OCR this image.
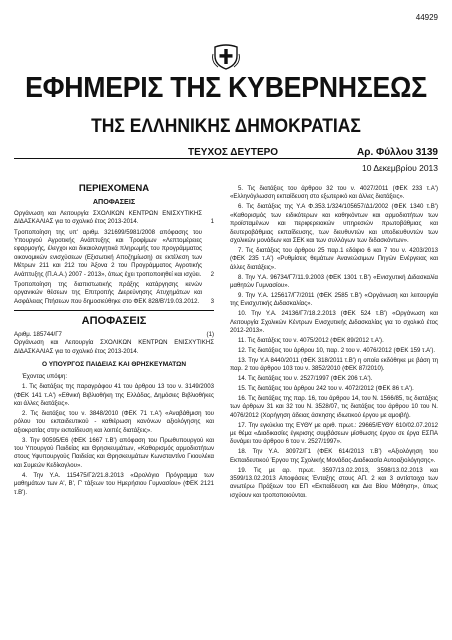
44929
ΕΦΗΜΕΡΙΣ ΤΗΣ ΚΥΒΕΡΝΗΣΕΩΣ
ΤΗΣ ΕΛΛΗΝΙΚΗΣ ΔΗΜΟΚΡΑΤΙΑΣ
ΤΕΥΧΟΣ ΔΕΥΤΕΡΟ	Αρ. Φύλλου 3139
10 Δεκεμβρίου 2013
ΠΕΡΙΕΧΟΜΕΝΑ
ΑΠΟΦΑΣΕΙΣ
Οργάνωση και Λειτουργία ΣΧΟΛΙΚΩΝ ΚΕΝΤΡΩΝ ΕΝΙΣΧΥΤΙΚΗΣ ΔΙΔΑΣΚΑΛΙΑΣ για το σχολικό έτος 2013-2014.	1
Τροποποίηση της υπ' αριθμ. 321699/5981/2008 απόφασης του Υπουργού Αγροτικής Ανάπτυξης και Τροφίμων «Λεπτομέρειες εφαρμογής, έλεγχοι και δικαιολογητικά πληρωμής του προγράμματος οικονομικών ενισχύσεων (Εξισωτική Αποζημίωση) σε εκτέλεση των Μέτρων 211 και 212 του Άξονα 2 του Προγράμματος Αγροτικής Ανάπτυξης (Π.Α.Α.) 2007 - 2013», όπως έχει τροποποιηθεί και ισχύει.	2
Τροποποίηση της διαπιστωτικής πράξης κατάργησης κενών οργανικών θέσεων της Επιτροπής Διερεύνησης Ατυχημάτων και Ασφάλειας Πτήσεων που δημοσιεύθηκε στο ΦΕΚ 828/Β'/19.03.2012.	3
ΑΠΟΦΑΣΕΙΣ
Αριθμ. 185744/Γ7	(1)
Οργάνωση και Λειτουργία ΣΧΟΛΙΚΩΝ ΚΕΝΤΡΩΝ ΕΝΙΣΧΥΤΙΚΗΣ ΔΙΔΑΣΚΑΛΙΑΣ για το σχολικό έτος 2013-2014.
Ο ΥΠΟΥΡΓΟΣ ΠΑΙΔΕΙΑΣ ΚΑΙ ΘΡΗΣΚΕΥΜΑΤΩΝ
Έχοντας υπόψη:
1. Τις διατάξεις της παραγράφου 41 του άρθρου 13 του ν. 3149/2003 (ΦΕΚ 141 τ.Α') «Εθνική Βιβλιοθήκη της Ελλάδας, Δημόσιες Βιβλιοθήκες και άλλες διατάξεις».
2. Τις διατάξεις του ν. 3848/2010 (ΦΕΚ 71 τ.Α') «Αναβάθμιση του ρόλου του εκπαιδευτικού - καθιέρωση κανόνων αξιολόγησης και αξιοκρατίας στην εκπαίδευση και λοιπές διατάξεις».
3. Την 90595/Ε6 (ΦΕΚ 1667 τ.Β') απόφαση του Πρωθυπουργού και του Υπουργού Παιδείας και Θρησκευμάτων, «Καθορισμός αρμοδιοτήτων στους Υφυπουργούς Παιδείας και Θρησκευμάτων Κωνσταντίνο Γκιουλέκα και Συμεών Κεδίκογλου».
4. Την Υ.Α. 115475/Γ2/21.8.2013 «Ωρολόγιο Πρόγραμμα των μαθημάτων των Α', Β', Γ' τάξεων του Ημερήσιου Γυμνασίου» (ΦΕΚ 2121 τ.Β').
5. Τις διατάξεις του άρθρου 32 του ν. 4027/2011 (ΦΕΚ 233 τ.Α') «Ελληνόγλωσση εκπαίδευση στο εξωτερικό και άλλες διατάξεις».
6. Τις διατάξεις της Υ.Α Φ.353.1/324/105657/Δ1/2002 (ΦΕΚ 1340 τ.Β') «Καθορισμός των ειδικότερων και καθηκόντων και αρμοδιοτήτων των προϊσταμένων και περιφερειακών υπηρεσιών πρωτοβάθμιας και δευτεροβάθμιας εκπαίδευσης, των διευθυντών και υποδιευθυντών των σχολικών μονάδων και ΣΕΚ και των συλλόγων των διδασκόντων».
7. Τις διατάξεις του άρθρου 25 παρ.1 εδάφιο 6 και 7 του ν. 4203/2013 (ΦΕΚ 235 τ.Α') «Ρυθμίσεις θεμάτων Ανανεώσιμων Πηγών Ενέργειας και άλλες διατάξεις».
8. Την Υ.Α. 96734/Γ7/11.9.2003 (ΦΕΚ 1301 τ.Β') «Ενισχυτική Διδασκαλία μαθητών Γυμνασίου».
9. Την Υ.Α. 125617/Γ7/2011 (ΦΕΚ 2585 τ.Β') «Οργάνωση και λειτουργία της Ενισχυτικής Διδασκαλίας».
10. Την Υ.Α. 24136/Γ7/18.2.2013 (ΦΕΚ 524 τ.Β') «Οργάνωση και Λειτουργία Σχολικών Κέντρων Ενισχυτικής Διδασκαλίας για το σχολικό έτος 2012-2013».
11. Τις διατάξεις του ν. 4075/2012 (ΦΕΚ 89/2012 τ.Α').
12. Τις διατάξεις του άρθρου 10, παρ. 2 του ν. 4076/2012 (ΦΕΚ 159 τ.Α').
13. Την Υ.Α 8440/2011 (ΦΕΚ 318/2011 τ.Β') η οποία εκδόθηκε με βάση τη παρ. 2 του άρθρου 103 του ν. 3852/2010 (ΦΕΚ 87/2010).
14. Τις διατάξεις του ν. 2527/1997 (ΦΕΚ 206 τ.Α').
15. Τις διατάξεις του άρθρου 242 του ν. 4072/2012 (ΦΕΚ 86 τ.Α').
16. Τις διατάξεις της παρ. 16, του άρθρου 14, του Ν. 1566/85, τις διατάξεις των άρθρων 31 και 32 του Ν. 3528/07, τις διατάξεις του άρθρου 10 του Ν. 4076/2012 (Χορήγηση άδειας άσκησης ιδιωτικού έργου με αμοιβή).
17. Την εγκύκλιο της ΕΥΘΥ με αριθ. πρωτ.: 29665/ΕΥΘΥ 610/02.07.2012 με θέμα «Διαδικασίες έγκρισης συμβάσεων μίσθωσης έργου σε έργα ΕΣΠΑ δυνάμει του άρθρου 6 του ν. 2527/1997».
18. Την Υ.Α. 30972/Γ1 (ΦΕΚ 614/2013 τ.Β') «Αξιολόγηση του Εκπαιδευτικού Έργου της Σχολικής Μονάδας-Διαδικασία Αυτοαξιολόγησης».
19. Τις με αρ. πρωτ. 3597/13.02.2013, 3598/13.02.2013 και 3599/13.02.2013 Αποφάσεις Ένταξης στους ΑΠ. 2 και 3 αντίστοιχα των ανωτέρω Πράξεων του ΕΠ «Εκπαίδευση και Δια Βίου Μάθηση», όπως ισχύουν και τροποποιούνται.
